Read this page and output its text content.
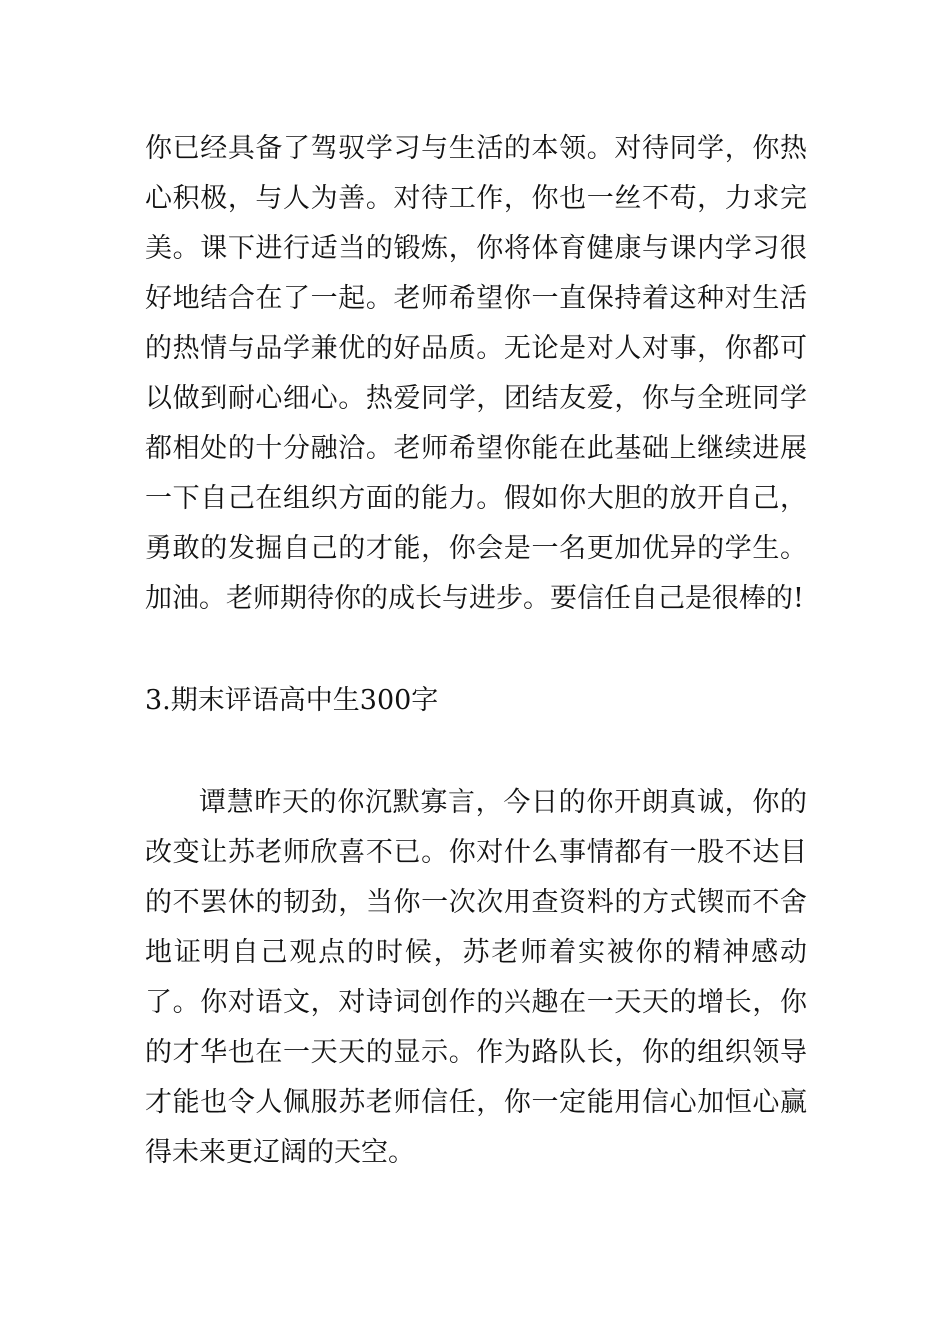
你已经具备了驾驭学习与生活的本领。对待同学，你热心积极，与人为善。对待工作，你也一丝不苟，力求完美。课下进行适当的锻炼，你将体育健康与课内学习很好地结合在了一起。老师希望你一直保持着这种对生活的热情与品学兼优的好品质。无论是对人对事，你都可以做到耐心细心。热爱同学，团结友爱，你与全班同学都相处的十分融洽。老师希望你能在此基础上继续进展一下自己在组织方面的能力。假如你大胆的放开自己，勇敢的发掘自己的才能，你会是一名更加优异的学生。加油。老师期待你的成长与进步。要信任自己是很棒的!

3.期末评语高中生300字

谭慧昨天的你沉默寡言，今日的你开朗真诚，你的改变让苏老师欣喜不已。你对什么事情都有一股不达目的不罢休的韧劲，当你一次次用查资料的方式锲而不舍地证明自己观点的时候，苏老师着实被你的精神感动了。你对语文，对诗词创作的兴趣在一天天的增长，你的才华也在一天天的显示。作为路队长，你的组织领导才能也令人佩服苏老师信任，你一定能用信心加恒心赢得未来更辽阔的天空。
